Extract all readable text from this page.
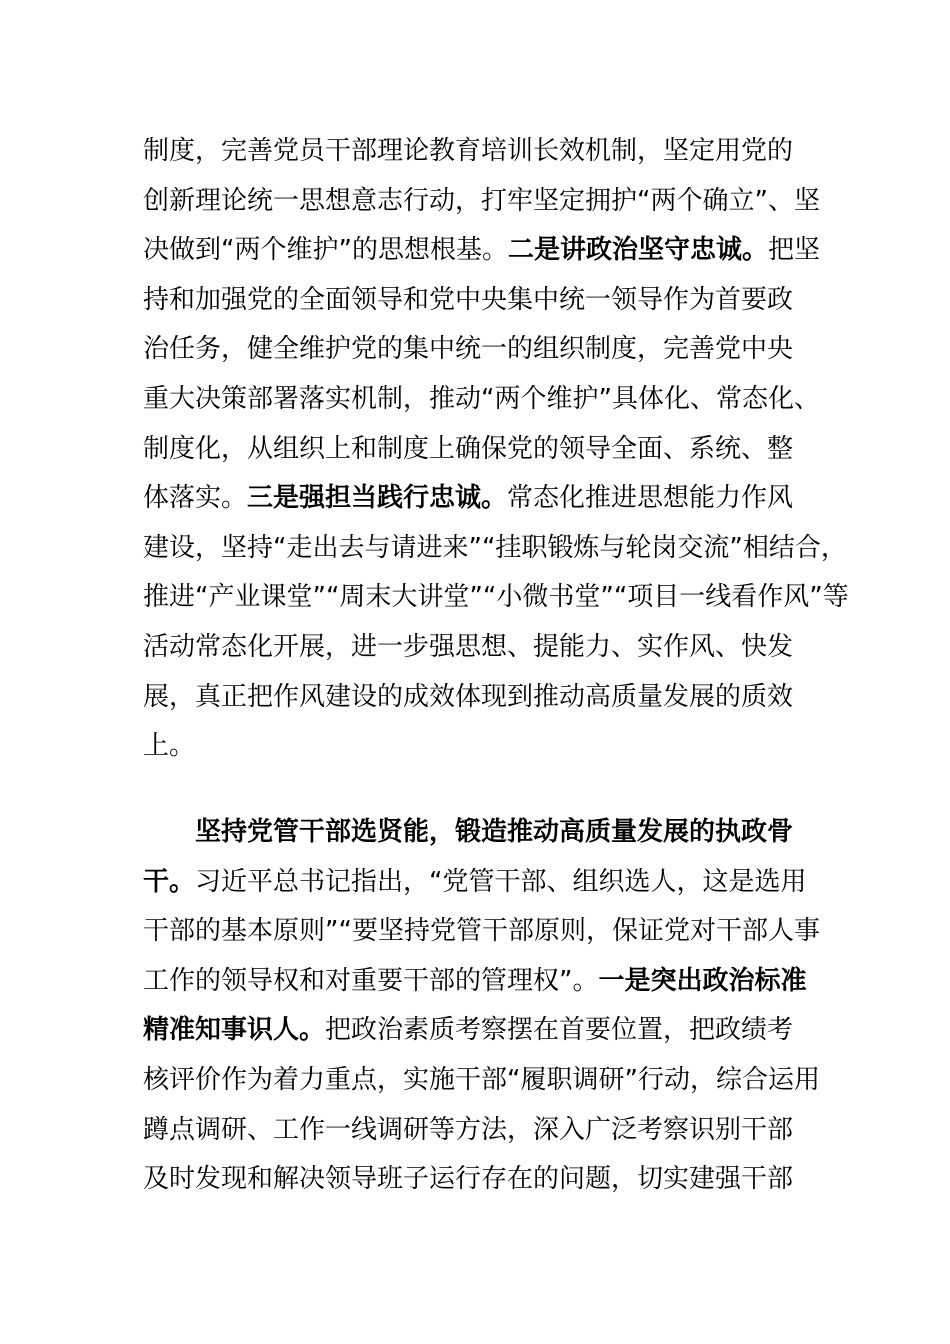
制度，完善党员干部理论教育培训长效机制，坚定用党的
创新理论统一思想意志行动，打牢坚定拥护“两个确立”、坚
决做到“两个维护”的思想根基。二是讲政治坚守忠诚。把坚
持和加强党的全面领导和党中央集中统一领导作为首要政
治任务，健全维护党的集中统一的组织制度，完善党中央
重大决策部署落实机制，推动“两个维护”具体化、常态化、
制度化，从组织上和制度上确保党的领导全面、系统、整
体落实。三是强担当践行忠诚。常态化推进思想能力作风
建设，坚持“走出去与请进来”“挂职锻炼与轮岗交流”相结合，
推进“产业课堂”“周末大讲堂”“小微书堂”“项目一线看作风”等
活动常态化开展，进一步强思想、提能力、实作风、快发
展，真正把作风建设的成效体现到推动高质量发展的质效
上。
坚持党管干部选贤能，锻造推动高质量发展的执政骨
干。习近平总书记指出，“党管干部、组织选人，这是选用
干部的基本原则”“要坚持党管干部原则，保证党对干部人事
工作的领导权和对重要干部的管理权”。一是突出政治标准
精准知事识人。把政治素质考察摆在首要位置，把政绩考
核评价作为着力重点，实施干部“履职调研”行动，综合运用
蹲点调研、工作一线调研等方法，深入广泛考察识别干部
及时发现和解决领导班子运行存在的问题，切实建强干部
